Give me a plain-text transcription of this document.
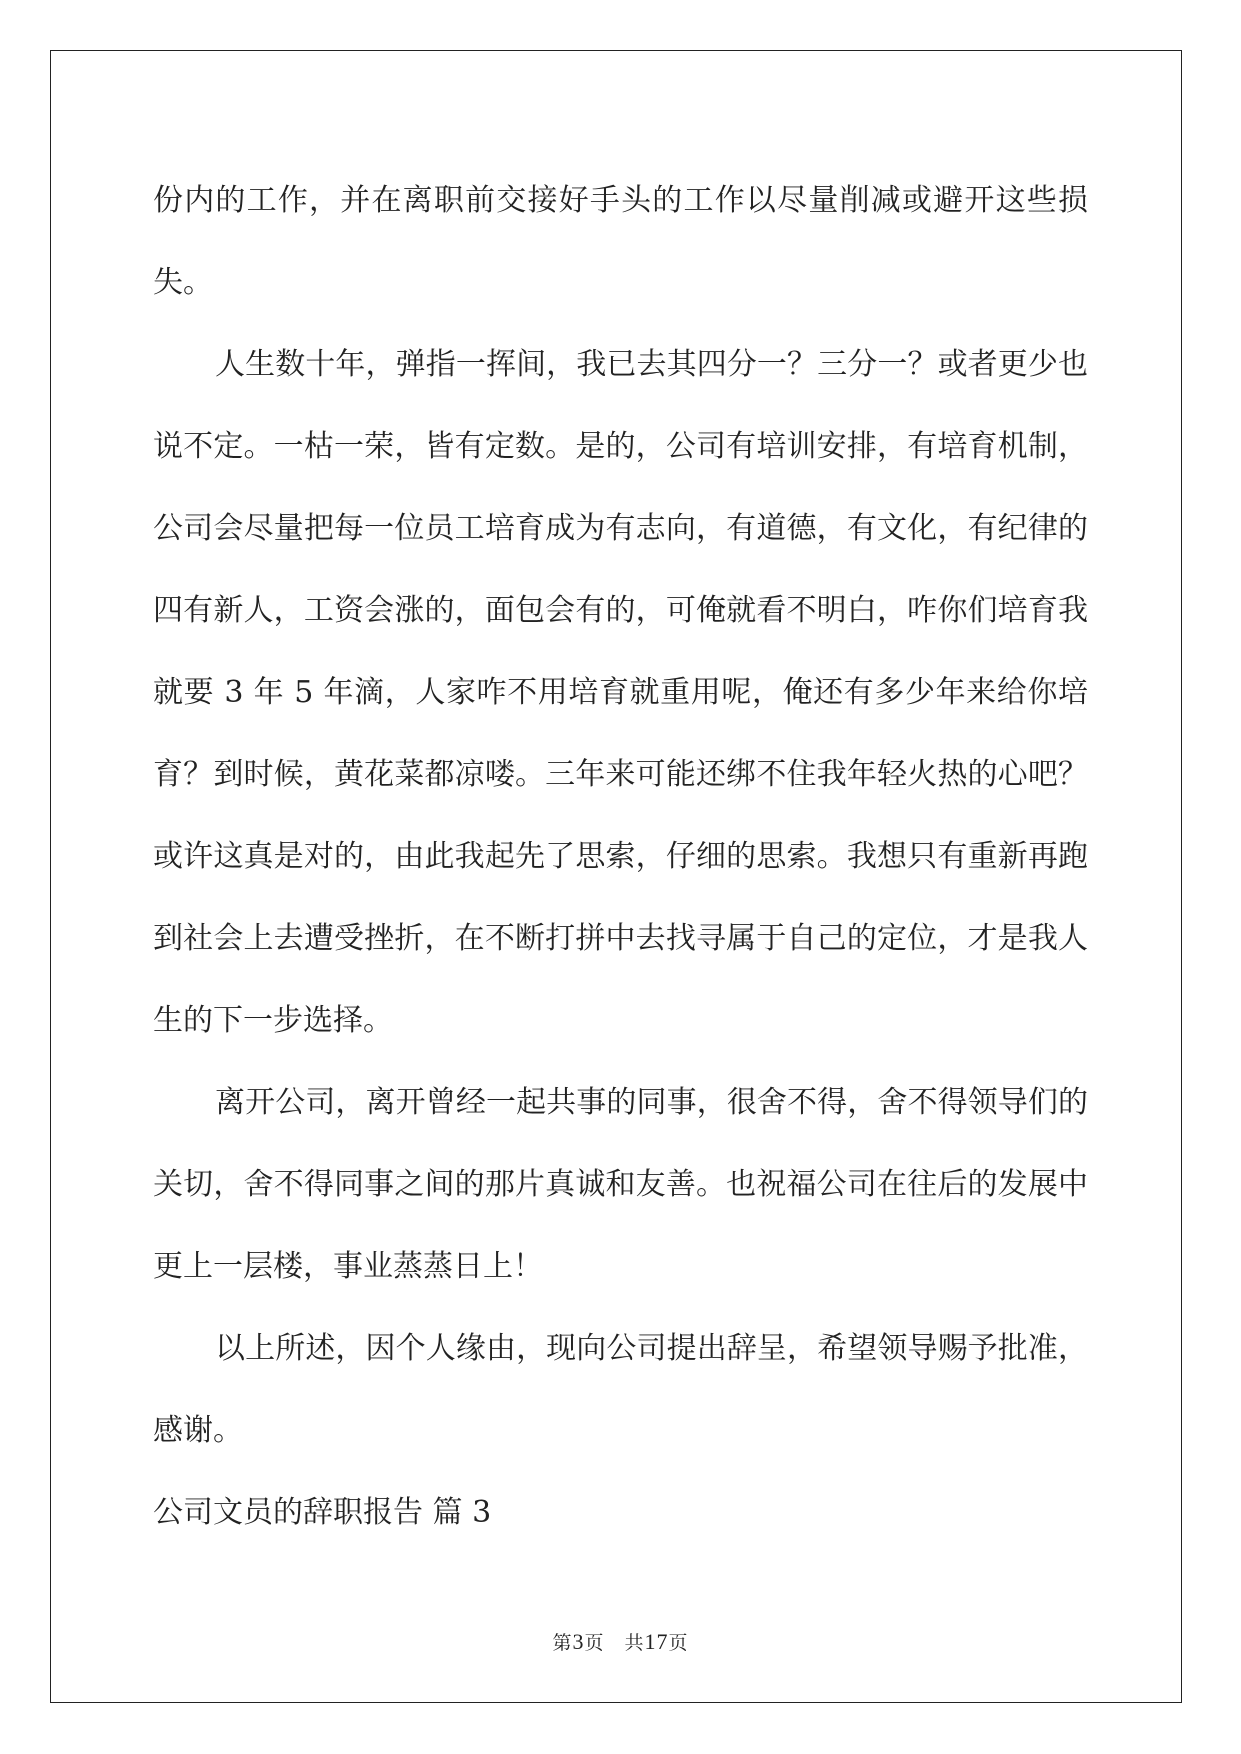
份内的工作，并在离职前交接好手头的工作以尽量削减或避开这些损失。

人生数十年，弹指一挥间，我已去其四分一？三分一？或者更少也说不定。一枯一荣，皆有定数。是的，公司有培训安排，有培育机制，公司会尽量把每一位员工培育成为有志向，有道德，有文化，有纪律的四有新人，工资会涨的，面包会有的，可俺就看不明白，咋你们培育我就要 3 年 5 年滴，人家咋不用培育就重用呢，俺还有多少年来给你培育？到时候，黄花菜都凉喽。三年来可能还绑不住我年轻火热的心吧？或许这真是对的，由此我起先了思索，仔细的思索。我想只有重新再跑到社会上去遭受挫折，在不断打拼中去找寻属于自己的定位，才是我人生的下一步选择。

离开公司，离开曾经一起共事的同事，很舍不得，舍不得领导们的关切，舍不得同事之间的那片真诚和友善。也祝福公司在往后的发展中更上一层楼，事业蒸蒸日上！

以上所述，因个人缘由，现向公司提出辞呈，希望领导赐予批准，感谢。

公司文员的辞职报告 篇 3

第3页 共17页
